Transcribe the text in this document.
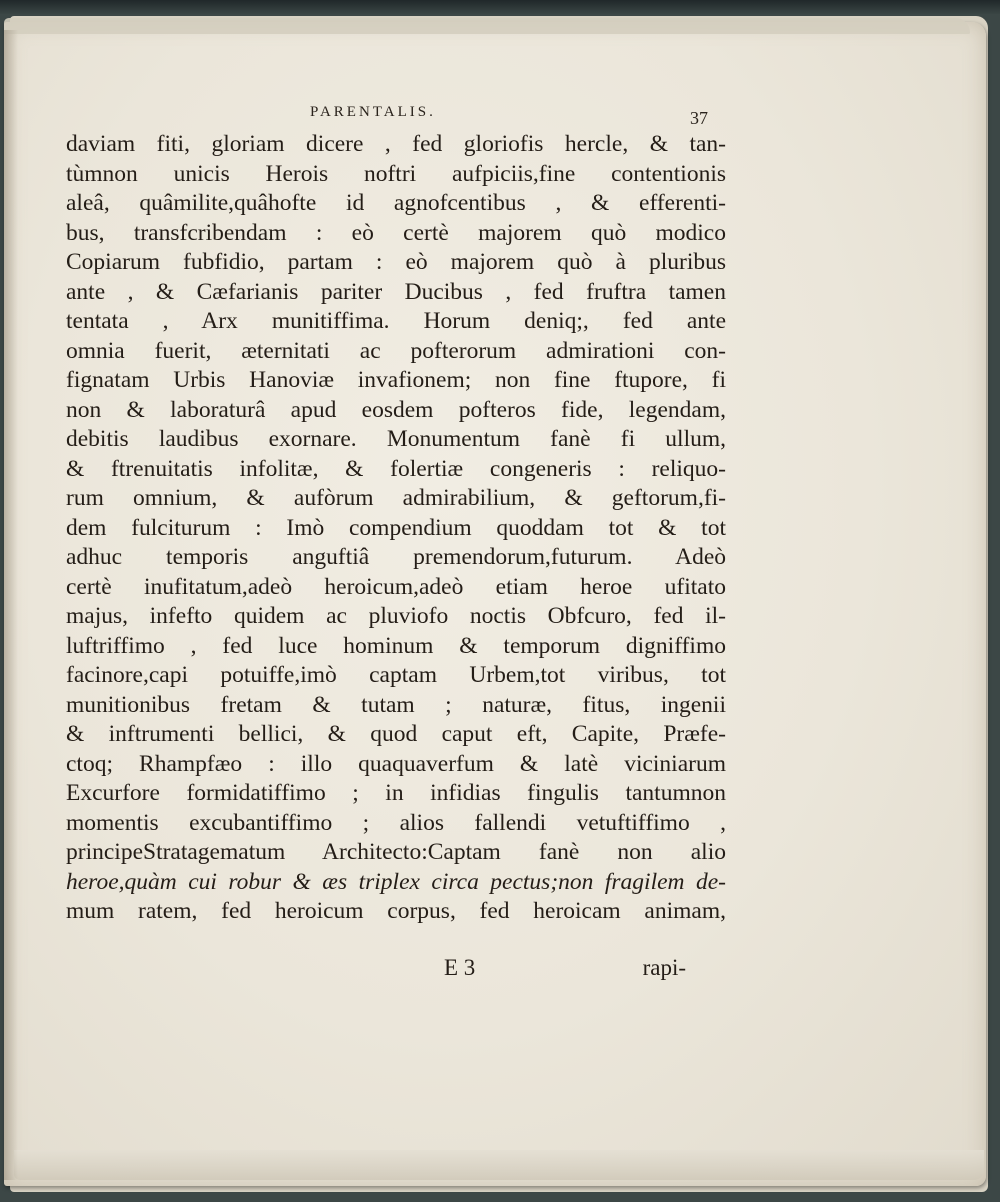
PARENTALIS.	37
daviam fiti, gloriam dicere , fed gloriofis hercle, & tan-
tùmnon unicis Herois noftri aufpiciis,fine contentionis
aleâ, quâmilite,quâhofte id agnofcentibus , & efferenti-
bus, transfcribendam : eò certè majorem quò modico
Copiarum fubfidio, partam : eò majorem quò à pluribus
ante , & Cæfarianis pariter Ducibus , fed fruftra tamen
tentata , Arx munitiffima. Horum deniq;, fed ante
omnia fuerit, æternitati ac pofterorum admirationi con-
fignatam Urbis Hanoviæ invafionem; non fine ftupore, fi
non & laboraturâ apud eosdem pofteros fide, legendam,
debitis laudibus exornare. Monumentum fanè fi ullum,
& ftrenuitatis infolitæ, & folertiæ congeneris : reliquo-
rum omnium, & aufòrum admirabilium, & geftorum,fi-
dem fulciturum : Imò compendium quoddam tot & tot
adhuc temporis anguftiâ premendorum,futurum. Adeò
certè inufitatum,adeò heroicum,adeò etiam heroe ufitato
majus, infefto quidem ac pluviofo noctis Obfcuro, fed il-
luftriffimo , fed luce hominum & temporum digniffimo
facinore,capi potuiffe,imò captam Urbem,tot viribus, tot
munitionibus fretam & tutam ; naturæ, fitus, ingenii
& inftrumenti bellici, & quod caput eft, Capite, Præfe-
ctoq; Rhampfæo : illo quaquaverfum & latè viciniarum
Excurfore formidatiffimo ; in infidias fingulis tantumnon
momentis excubantiffimo ; alios fallendi vetuftiffimo ,
principeStratagematum Architecto:Captam fanè non alio
heroe,quàm cui robur & æs triplex circa pectus;non fragilem de-
mum ratem, fed heroicum corpus, fed heroicam animam,
E 3	rapi-
